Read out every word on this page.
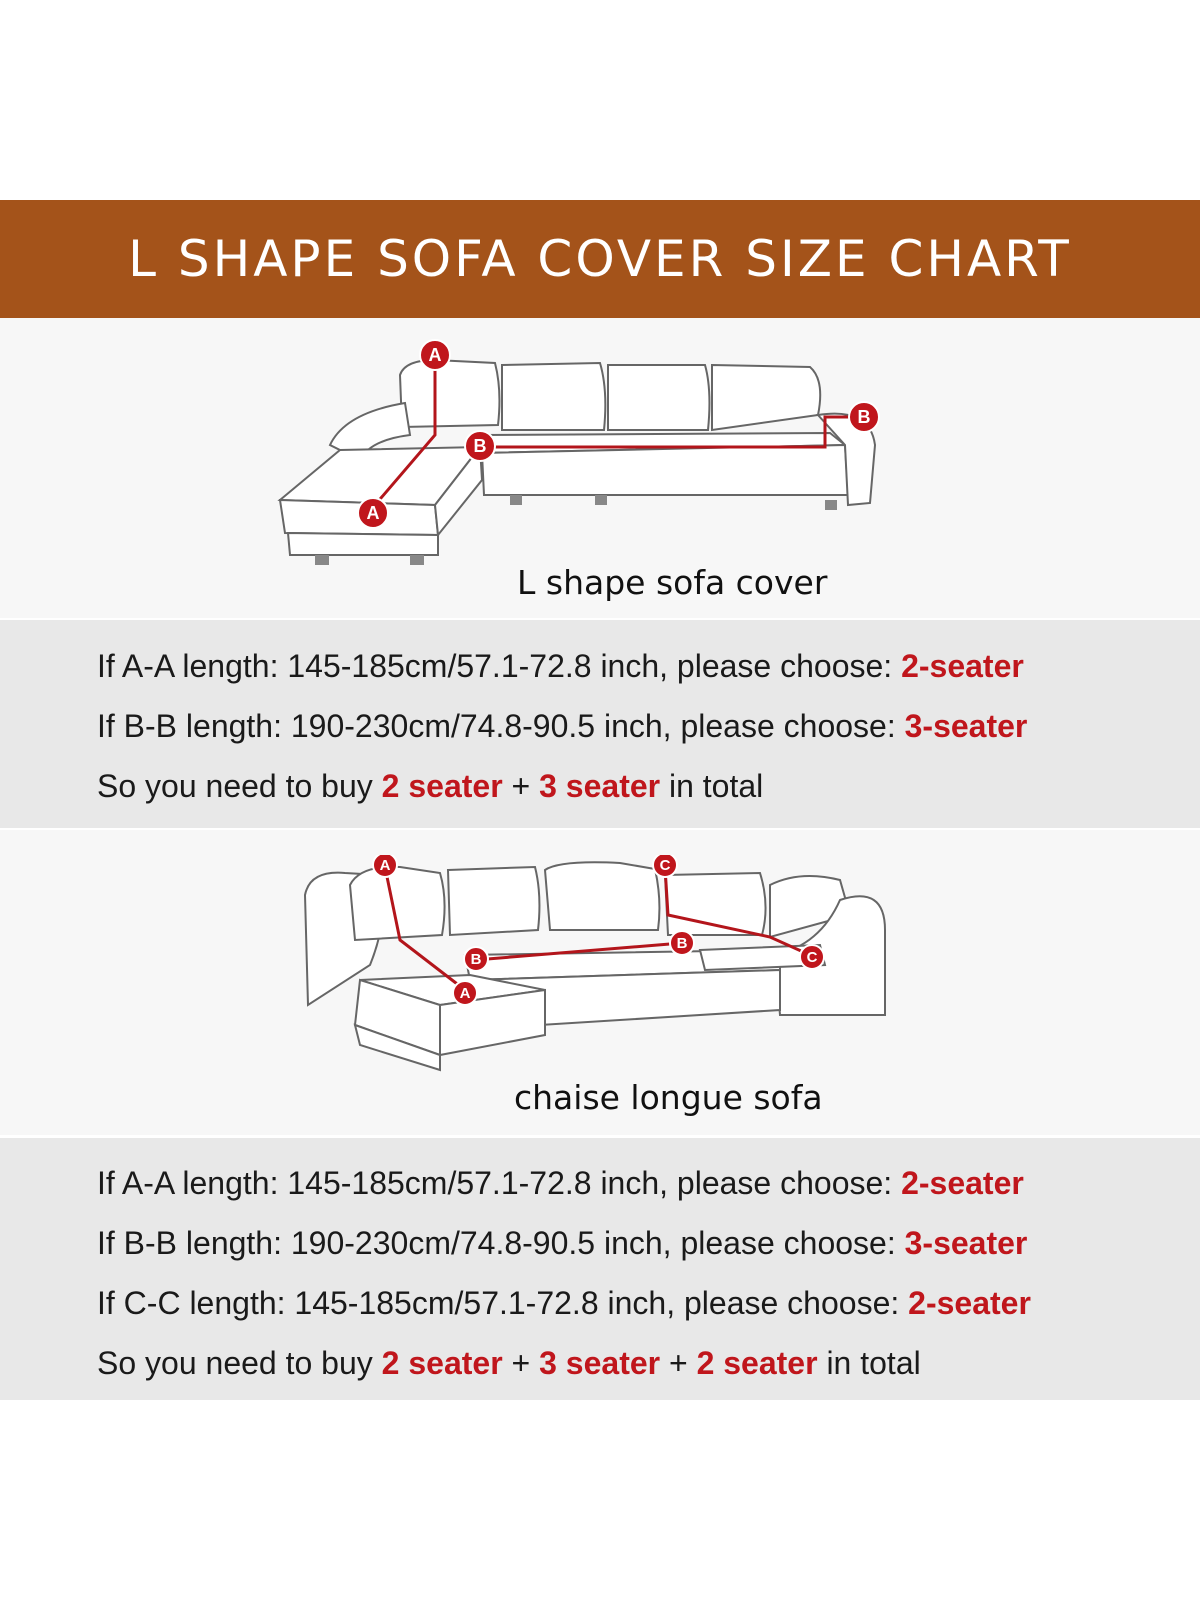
L SHAPE SOFA COVER SIZE CHART
A
A
B
B
L shape sofa cover
If A-A length: 145-185cm/57.1-72.8 inch, please choose: 2-seater
If B-B length: 190-230cm/74.8-90.5 inch, please choose: 3-seater
So you need to buy 2 seater + 3 seater in total
A
A
B
B
C
C
chaise longue sofa
If A-A length: 145-185cm/57.1-72.8 inch, please choose: 2-seater
If B-B length: 190-230cm/74.8-90.5 inch, please choose: 3-seater
If C-C length: 145-185cm/57.1-72.8 inch, please choose: 2-seater
So you need to buy 2 seater + 3 seater + 2 seater in total
